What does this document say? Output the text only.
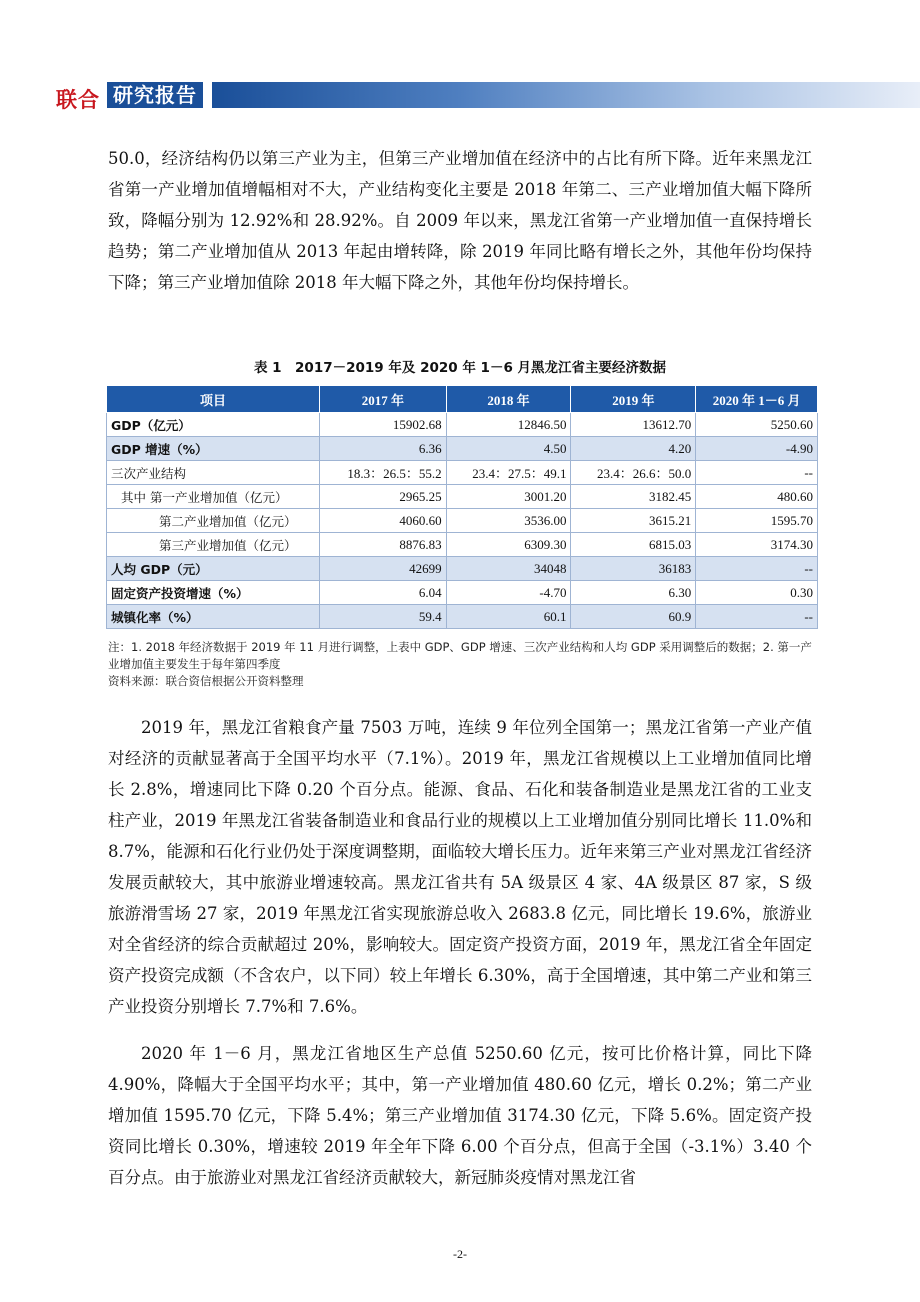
联合 研究报告

50.0，经济结构仍以第三产业为主，但第三产业增加值在经济中的占比有所下降。近年来黑龙江省第一产业增加值增幅相对不大，产业结构变化主要是 2018 年第二、三产业增加值大幅下降所致，降幅分别为 12.92%和 28.92%。自 2009 年以来，黑龙江省第一产业增加值一直保持增长趋势；第二产业增加值从 2013 年起由增转降，除 2019 年同比略有增长之外，其他年份均保持下降；第三产业增加值除 2018 年大幅下降之外，其他年份均保持增长。

表 1　2017－2019 年及 2020 年 1－6 月黑龙江省主要经济数据
项目	2017 年	2018 年	2019 年	2020 年 1－6 月
GDP（亿元）	15902.68	12846.50	13612.70	5250.60
GDP 增速（%）	6.36	4.50	4.20	-4.90
三次产业结构	18.3：26.5：55.2	23.4：27.5：49.1	23.4：26.6：50.0	--
其中 第一产业增加值（亿元）	2965.25	3001.20	3182.45	480.60
第二产业增加值（亿元）	4060.60	3536.00	3615.21	1595.70
第三产业增加值（亿元）	8876.83	6309.30	6815.03	3174.30
人均 GDP（元）	42699	34048	36183	--
固定资产投资增速（%）	6.04	-4.70	6.30	0.30
城镇化率（%）	59.4	60.1	60.9	--

注：1. 2018 年经济数据于 2019 年 11 月进行调整，上表中 GDP、GDP 增速、三次产业结构和人均 GDP 采用调整后的数据；2. 第一产业增加值主要发生于每年第四季度

资料来源：联合资信根据公开资料整理

2019 年，黑龙江省粮食产量 7503 万吨，连续 9 年位列全国第一；黑龙江省第一产业产值对经济的贡献显著高于全国平均水平（7.1%）。2019 年，黑龙江省规模以上工业增加值同比增长 2.8%，增速同比下降 0.20 个百分点。能源、食品、石化和装备制造业是黑龙江省的工业支柱产业，2019 年黑龙江省装备制造业和食品行业的规模以上工业增加值分别同比增长 11.0%和 8.7%，能源和石化行业仍处于深度调整期，面临较大增长压力。近年来第三产业对黑龙江省经济发展贡献较大，其中旅游业增速较高。黑龙江省共有 5A 级景区 4 家、4A 级景区 87 家，S 级旅游滑雪场 27 家，2019 年黑龙江省实现旅游总收入 2683.8 亿元，同比增长 19.6%，旅游业对全省经济的综合贡献超过 20%，影响较大。固定资产投资方面，2019 年，黑龙江省全年固定资产投资完成额（不含农户，以下同）较上年增长 6.30%，高于全国增速，其中第二产业和第三产业投资分别增长 7.7%和 7.6%。

2020 年 1－6 月，黑龙江省地区生产总值 5250.60 亿元，按可比价格计算，同比下降 4.90%，降幅大于全国平均水平；其中，第一产业增加值 480.60 亿元，增长 0.2%；第二产业增加值 1595.70 亿元，下降 5.4%；第三产业增加值 3174.30 亿元，下降 5.6%。固定资产投资同比增长 0.30%，增速较 2019 年全年下降 6.00 个百分点，但高于全国（-3.1%）3.40 个百分点。由于旅游业对黑龙江省经济贡献较大，新冠肺炎疫情对黑龙江省

-2-
